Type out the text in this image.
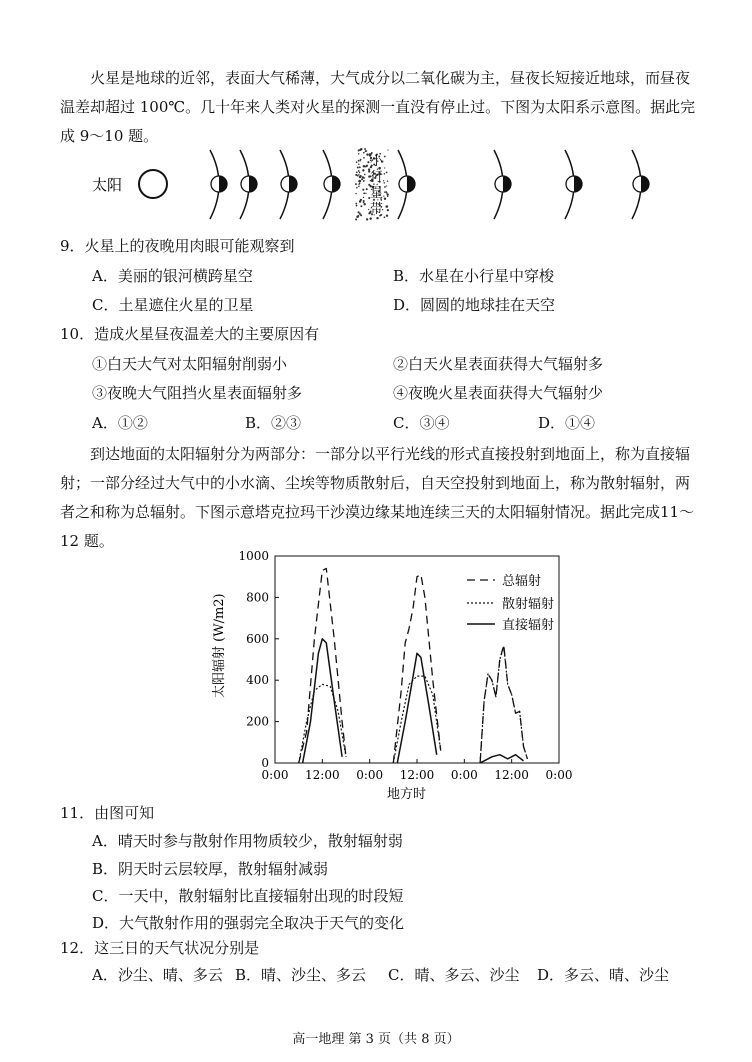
火星是地球的近邻，表面大气稀薄，大气成分以二氧化碳为主，昼夜长短接近地球，而昼夜温差却超过 100℃。几十年来人类对火星的探测一直没有停止过。下图为太阳系示意图。据此完成 9～10 题。
太阳
小
行
星
带
9．火星上的夜晚用肉眼可能观察到
A．美丽的银河横跨星空	B．水星在小行星中穿梭
C．土星遮住火星的卫星	D．圆圆的地球挂在天空
10．造成火星昼夜温差大的主要原因有
①白天大气对太阳辐射削弱小	②白天火星表面获得大气辐射多
③夜晚大气阻挡火星表面辐射多	④夜晚火星表面获得大气辐射少
A．①②	B．②③	C．③④	D．①④
到达地面的太阳辐射分为两部分：一部分以平行光线的形式直接投射到地面上，称为直接辐射；一部分经过大气中的小水滴、尘埃等物质散射后，自天空投射到地面上，称为散射辐射，两者之和称为总辐射。下图示意塔克拉玛干沙漠边缘某地连续三天的太阳辐射情况。据此完成11～12 题。
太阳辐射 (W/m2)
地方时
0
200
400
600
800
1000
0:00 12:00 0:00 12:00 0:00 12:00 0:00
总辐射
散射辐射
直接辐射
11．由图可知
A．晴天时参与散射作用物质较少，散射辐射弱
B．阴天时云层较厚，散射辐射减弱
C．一天中，散射辐射比直接辐射出现的时段短
D．大气散射作用的强弱完全取决于天气的变化
12．这三日的天气状况分别是
A．沙尘、晴、多云 B．晴、沙尘、多云 C．晴、多云、沙尘 D．多云、晴、沙尘
高一地理 第 3 页（共 8 页）
